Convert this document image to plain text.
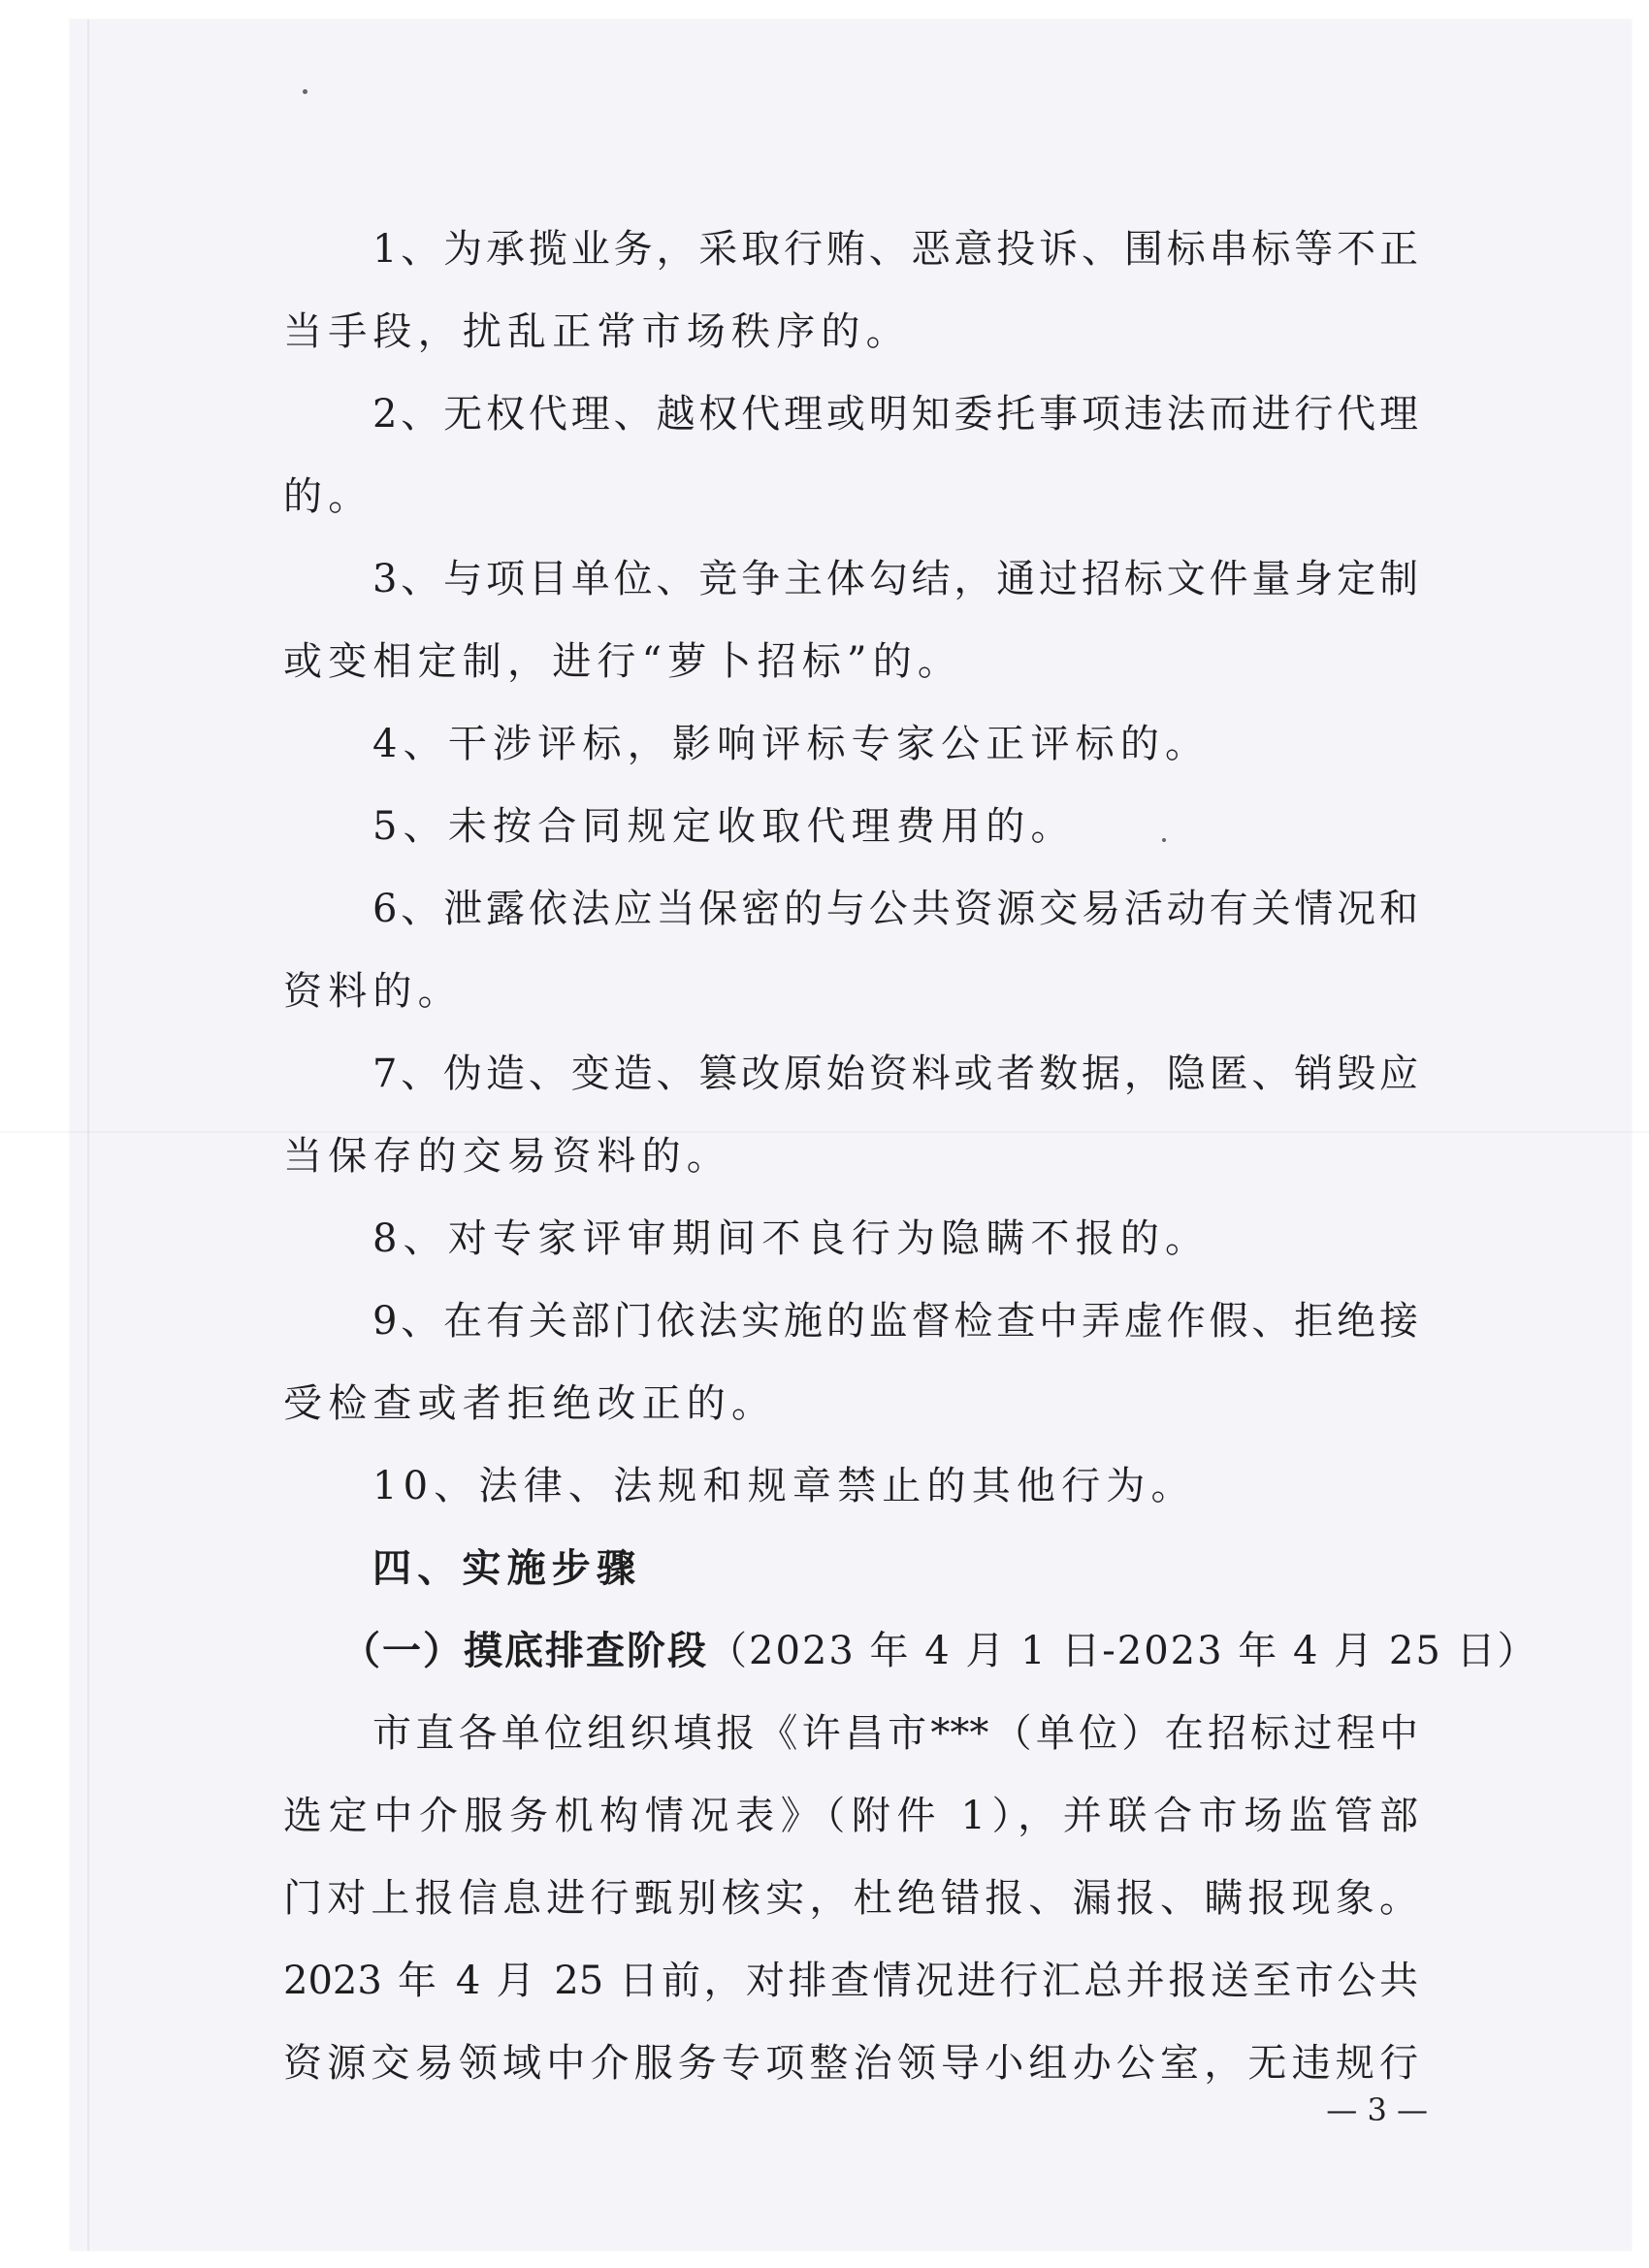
1、为承揽业务，采取行贿、恶意投诉、围标串标等不正
当手段，扰乱正常市场秩序的。
2、无权代理、越权代理或明知委托事项违法而进行代理
的。
3、与项目单位、竞争主体勾结，通过招标文件量身定制
或变相定制，进行“萝卜招标”的。
4、干涉评标，影响评标专家公正评标的。
5、未按合同规定收取代理费用的。
6、泄露依法应当保密的与公共资源交易活动有关情况和
资料的。
7、伪造、变造、篡改原始资料或者数据，隐匿、销毁应
当保存的交易资料的。
8、对专家评审期间不良行为隐瞒不报的。
9、在有关部门依法实施的监督检查中弄虚作假、拒绝接
受检查或者拒绝改正的。
10、法律、法规和规章禁止的其他行为。
四、实施步骤
（一）摸底排查阶段（2023 年 4 月 1 日-2023 年 4 月 25 日）
市直各单位组织填报《许昌市***（单位）在招标过程中
选定中介服务机构情况表》（附件 1），并联合市场监管部
门对上报信息进行甄别核实，杜绝错报、漏报、瞒报现象。
2023 年 4 月 25 日前，对排查情况进行汇总并报送至市公共
资源交易领域中介服务专项整治领导小组办公室，无违规行
— 3 —
